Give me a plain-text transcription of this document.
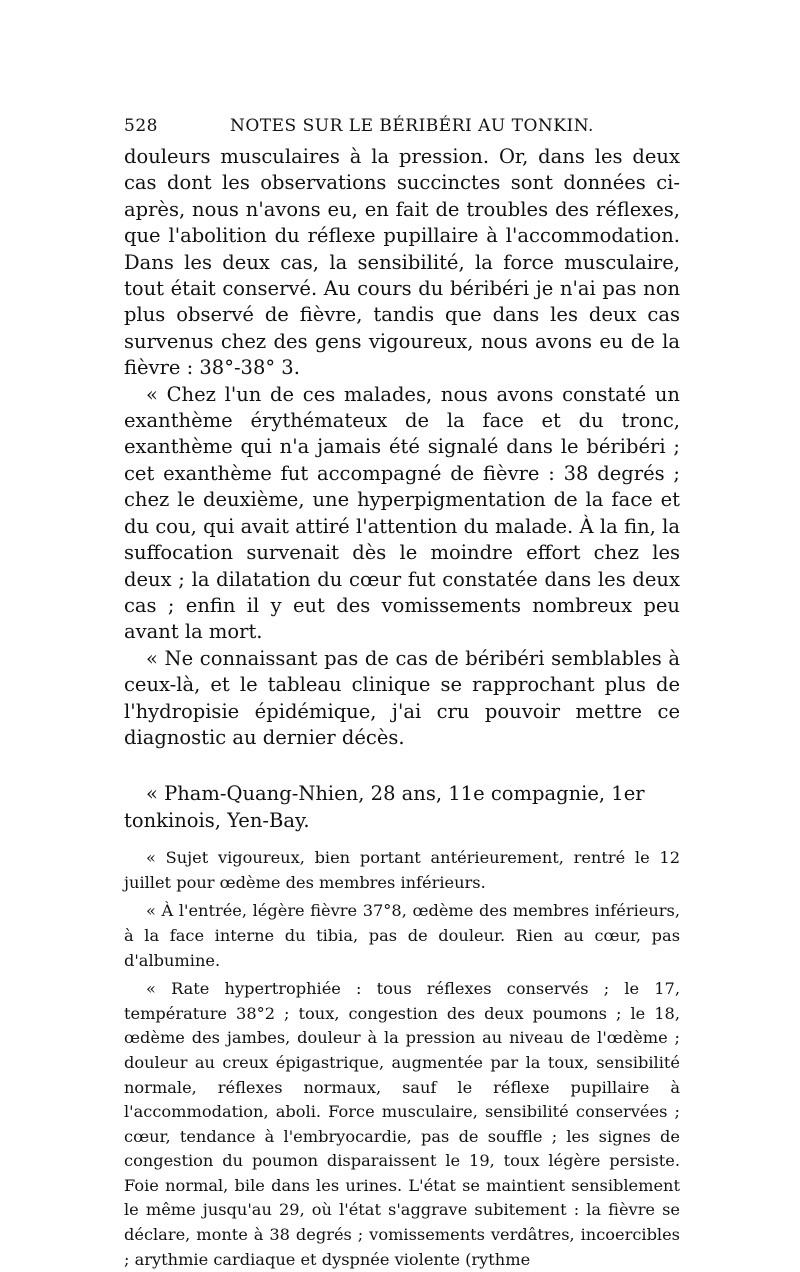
528	NOTES SUR LE BÉRIBÉRI AU TONKIN.

douleurs musculaires à la pression. Or, dans les deux cas dont les observations succinctes sont données ci-après, nous n'avons eu, en fait de troubles des réflexes, que l'abolition du réflexe pupillaire à l'accommodation. Dans les deux cas, la sensibilité, la force musculaire, tout était conservé. Au cours du béribéri je n'ai pas non plus observé de fièvre, tandis que dans les deux cas survenus chez des gens vigoureux, nous avons eu de la fièvre : 38°-38° 3.

« Chez l'un de ces malades, nous avons constaté un exanthème érythémateux de la face et du tronc, exanthème qui n'a jamais été signalé dans le béribéri ; cet exanthème fut accompagné de fièvre : 38 degrés ; chez le deuxième, une hyperpigmentation de la face et du cou, qui avait attiré l'attention du malade. À la fin, la suffocation survenait dès le moindre effort chez les deux ; la dilatation du cœur fut constatée dans les deux cas ; enfin il y eut des vomissements nombreux peu avant la mort.

« Ne connaissant pas de cas de béribéri semblables à ceux-là, et le tableau clinique se rapprochant plus de l'hydropisie épidémique, j'ai cru pouvoir mettre ce diagnostic au dernier décès.

« Pham-Quang-Nhien, 28 ans, 11e compagnie, 1er tonkinois, Yen-Bay.

« Sujet vigoureux, bien portant antérieurement, rentré le 12 juillet pour œdème des membres inférieurs.

« À l'entrée, légère fièvre 37°8, œdème des membres inférieurs, à la face interne du tibia, pas de douleur. Rien au cœur, pas d'albumine.

« Rate hypertrophiée : tous réflexes conservés ; le 17, température 38°2 ; toux, congestion des deux poumons ; le 18, œdème des jambes, douleur à la pression au niveau de l'œdème ; douleur au creux épigastrique, augmentée par la toux, sensibilité normale, réflexes normaux, sauf le réflexe pupillaire à l'accommodation, aboli. Force musculaire, sensibilité conservées ; cœur, tendance à l'embryocardie, pas de souffle ; les signes de congestion du poumon disparaissent le 19, toux légère persiste. Foie normal, bile dans les urines. L'état se maintient sensiblement le même jusqu'au 29, où l'état s'aggrave subitement : la fièvre se déclare, monte à 38 degrés ; vomissements verdâtres, incoercibles ; arythmie cardiaque et dyspnée violente (rythme
